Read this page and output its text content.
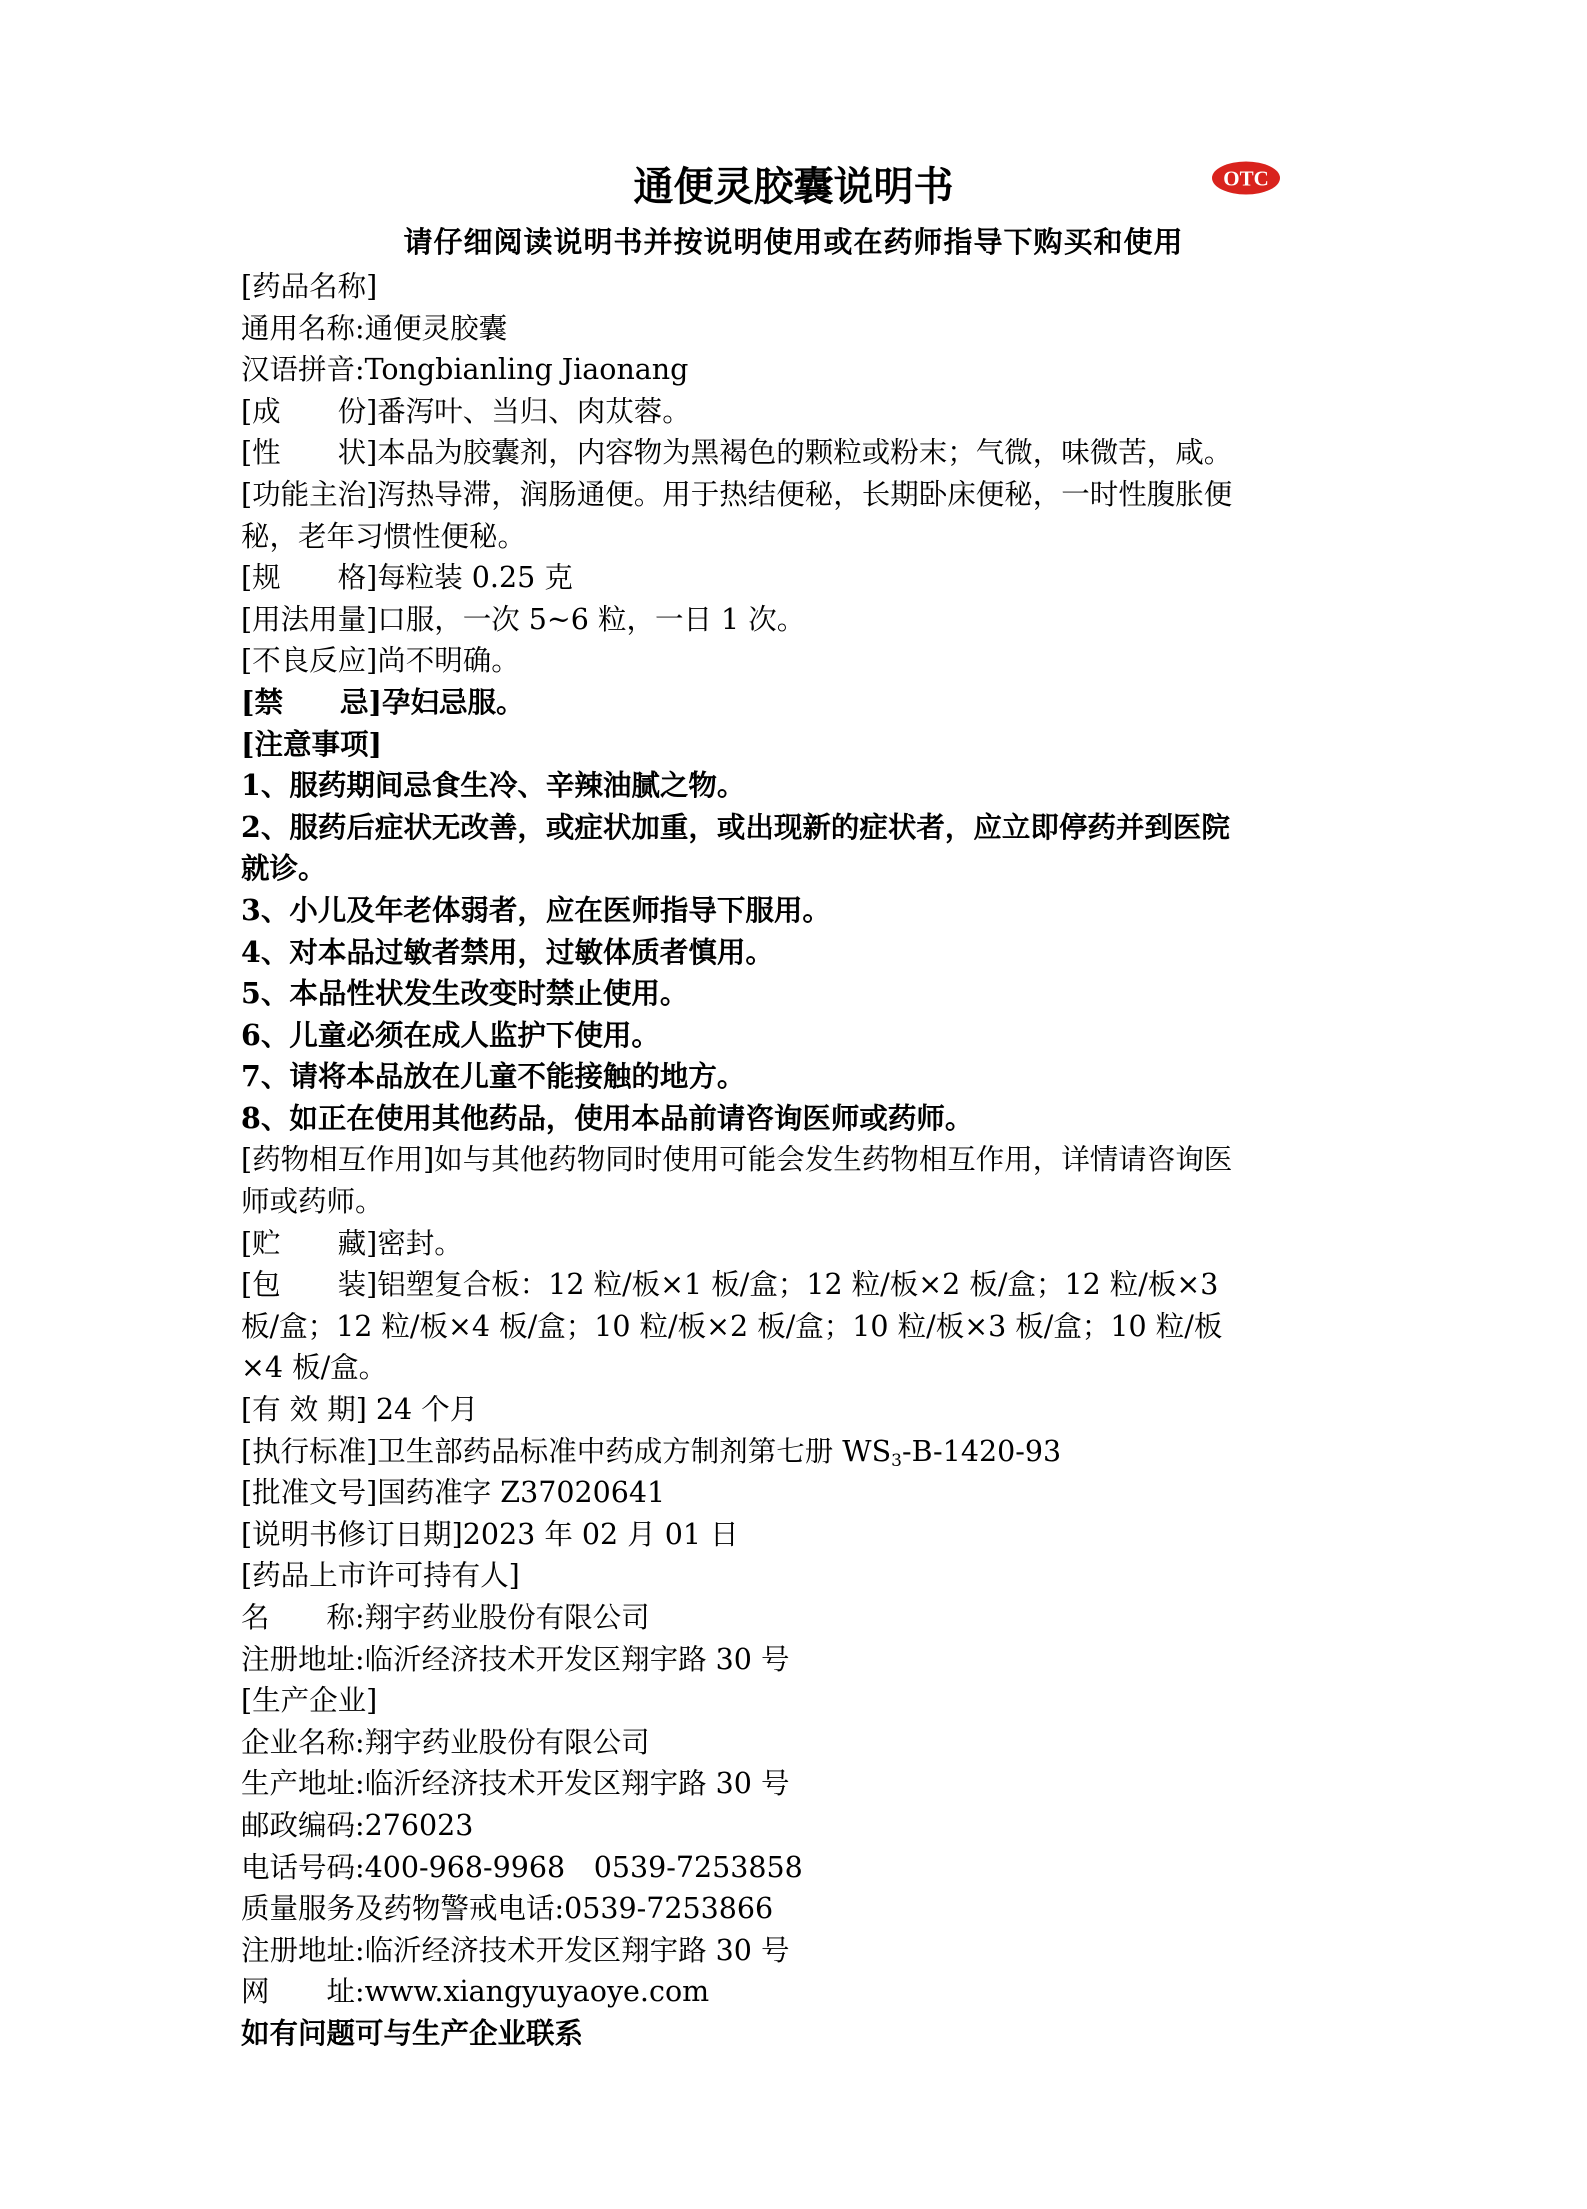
通便灵胶囊说明书	OTC
请仔细阅读说明书并按说明使用或在药师指导下购买和使用
[药品名称]
通用名称:通便灵胶囊
汉语拼音:Tongbianling Jiaonang
[成　　份]番泻叶、当归、肉苁蓉。
[性　　状]本品为胶囊剂，内容物为黑褐色的颗粒或粉末；气微，味微苦，咸。
[功能主治]泻热导滞，润肠通便。用于热结便秘，长期卧床便秘，一时性腹胀便
秘，老年习惯性便秘。
[规　　格]每粒装 0.25 克
[用法用量]口服，一次 5~6 粒，一日 1 次。
[不良反应]尚不明确。
[禁　　忌]孕妇忌服。
[注意事项]
1、服药期间忌食生冷、辛辣油腻之物。
2、服药后症状无改善，或症状加重，或出现新的症状者，应立即停药并到医院
就诊。
3、小儿及年老体弱者，应在医师指导下服用。
4、对本品过敏者禁用，过敏体质者慎用。
5、本品性状发生改变时禁止使用。
6、儿童必须在成人监护下使用。
7、请将本品放在儿童不能接触的地方。
8、如正在使用其他药品，使用本品前请咨询医师或药师。
[药物相互作用]如与其他药物同时使用可能会发生药物相互作用，详情请咨询医
师或药师。
[贮　　藏]密封。
[包　　装]铝塑复合板：12 粒/板×1 板/盒；12 粒/板×2 板/盒；12 粒/板×3
板/盒；12 粒/板×4 板/盒；10 粒/板×2 板/盒；10 粒/板×3 板/盒；10 粒/板
×4 板/盒。
[有 效 期] 24 个月
[执行标准]卫生部药品标准中药成方制剂第七册 $WS_3-B-1420-93$
[批准文号]国药准字 Z37020641
[说明书修订日期]2023 年 02 月 01 日
[药品上市许可持有人]
名　　称:翔宇药业股份有限公司
注册地址:临沂经济技术开发区翔宇路 30 号
[生产企业]
企业名称:翔宇药业股份有限公司
生产地址:临沂经济技术开发区翔宇路 30 号
邮政编码:276023
电话号码:400-968-9968　0539-7253858
质量服务及药物警戒电话:0539-7253866
注册地址:临沂经济技术开发区翔宇路 30 号
网　　址:www.xiangyuyaoye.com
如有问题可与生产企业联系
